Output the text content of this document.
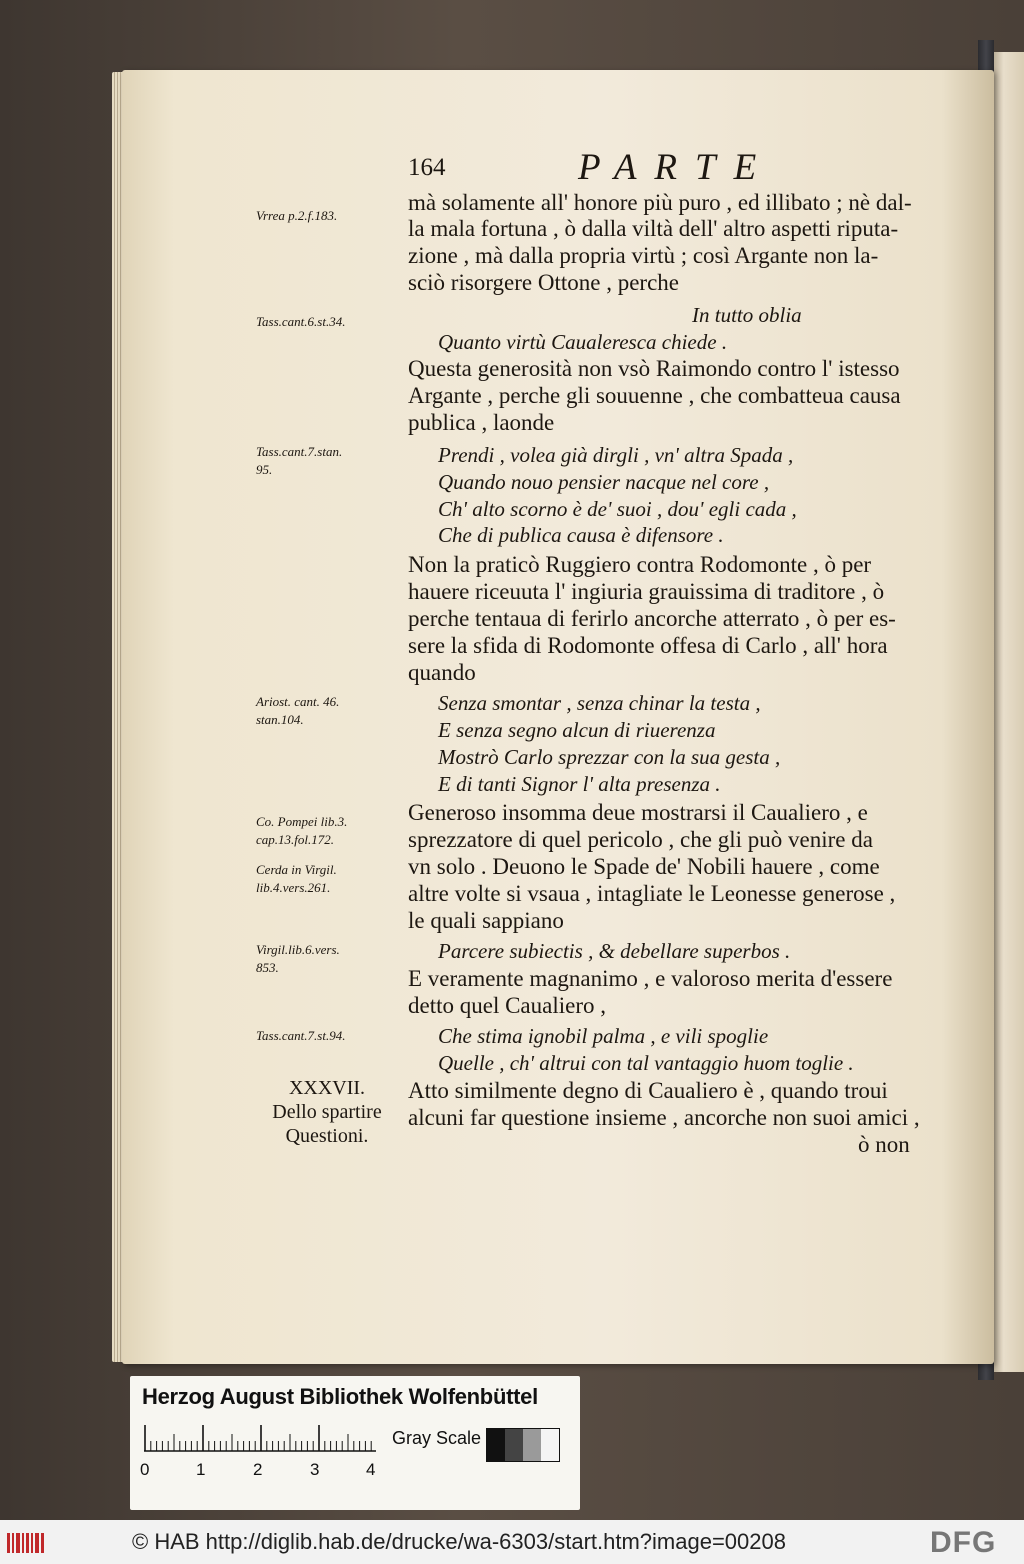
164	PARTE
mà solamente all' honore più puro , ed illibato ; nè dal-
la mala fortuna , ò dalla viltà dell' altro aspetti riputa-
zione , mà dalla propria virtù ; così Argante non la-
sciò risorgere Ottone , perche
In tutto oblia
Quanto virtù Caualeresca chiede .
Questa generosità non vsò Raimondo contro l' istesso
Argante , perche gli souuenne , che combatteua causa
publica , laonde
Prendi , volea già dirgli , vn' altra Spada ,
Quando nouo pensier nacque nel core ,
Ch' alto scorno è de' suoi , dou' egli cada ,
Che di publica causa è difensore .
Non la praticò Ruggiero contra Rodomonte , ò per
hauere riceuuta l' ingiuria grauissima di traditore , ò
perche tentaua di ferirlo ancorche atterrato , ò per es-
sere la sfida di Rodomonte offesa di Carlo , all' hora
quando
Senza smontar , senza chinar la testa ,
E senza segno alcun di riuerenza
Mostrò Carlo sprezzar con la sua gesta ,
E di tanti Signor l' alta presenza .
Generoso insomma deue mostrarsi il Caualiero , e
sprezzatore di quel pericolo , che gli può venire da
vn solo . Deuono le Spade de' Nobili hauere , come
altre volte si vsaua , intagliate le Leonesse generose ,
le quali sappiano
Parcere subiectis , & debellare superbos .
E veramente magnanimo , e valoroso merita d'essere
detto quel Caualiero ,
Che stima ignobil palma , e vili spoglie
Quelle , ch' altrui con tal vantaggio huom toglie .
Atto similmente degno di Caualiero è , quando troui
alcuni far questione insieme , ancorche non suoi amici ,
ò non
Vrrea p.2.f.183.
Tass.cant.6.st.34.
Tass.cant.7.stan.
95.
Ariost. cant. 46.
stan.104.
Co. Pompei lib.3.
cap.13.fol.172.
Cerda in Virgil.
lib.4.vers.261.
Virgil.lib.6.vers.
853.
Tass.cant.7.st.94.
XXXVII.
Dello spartire
Questioni.
Herzog August Bibliothek Wolfenbüttel
0	1	2	3	4
Gray Scale
© HAB http://diglib.hab.de/drucke/wa-6303/start.htm?image=00208	DFG
